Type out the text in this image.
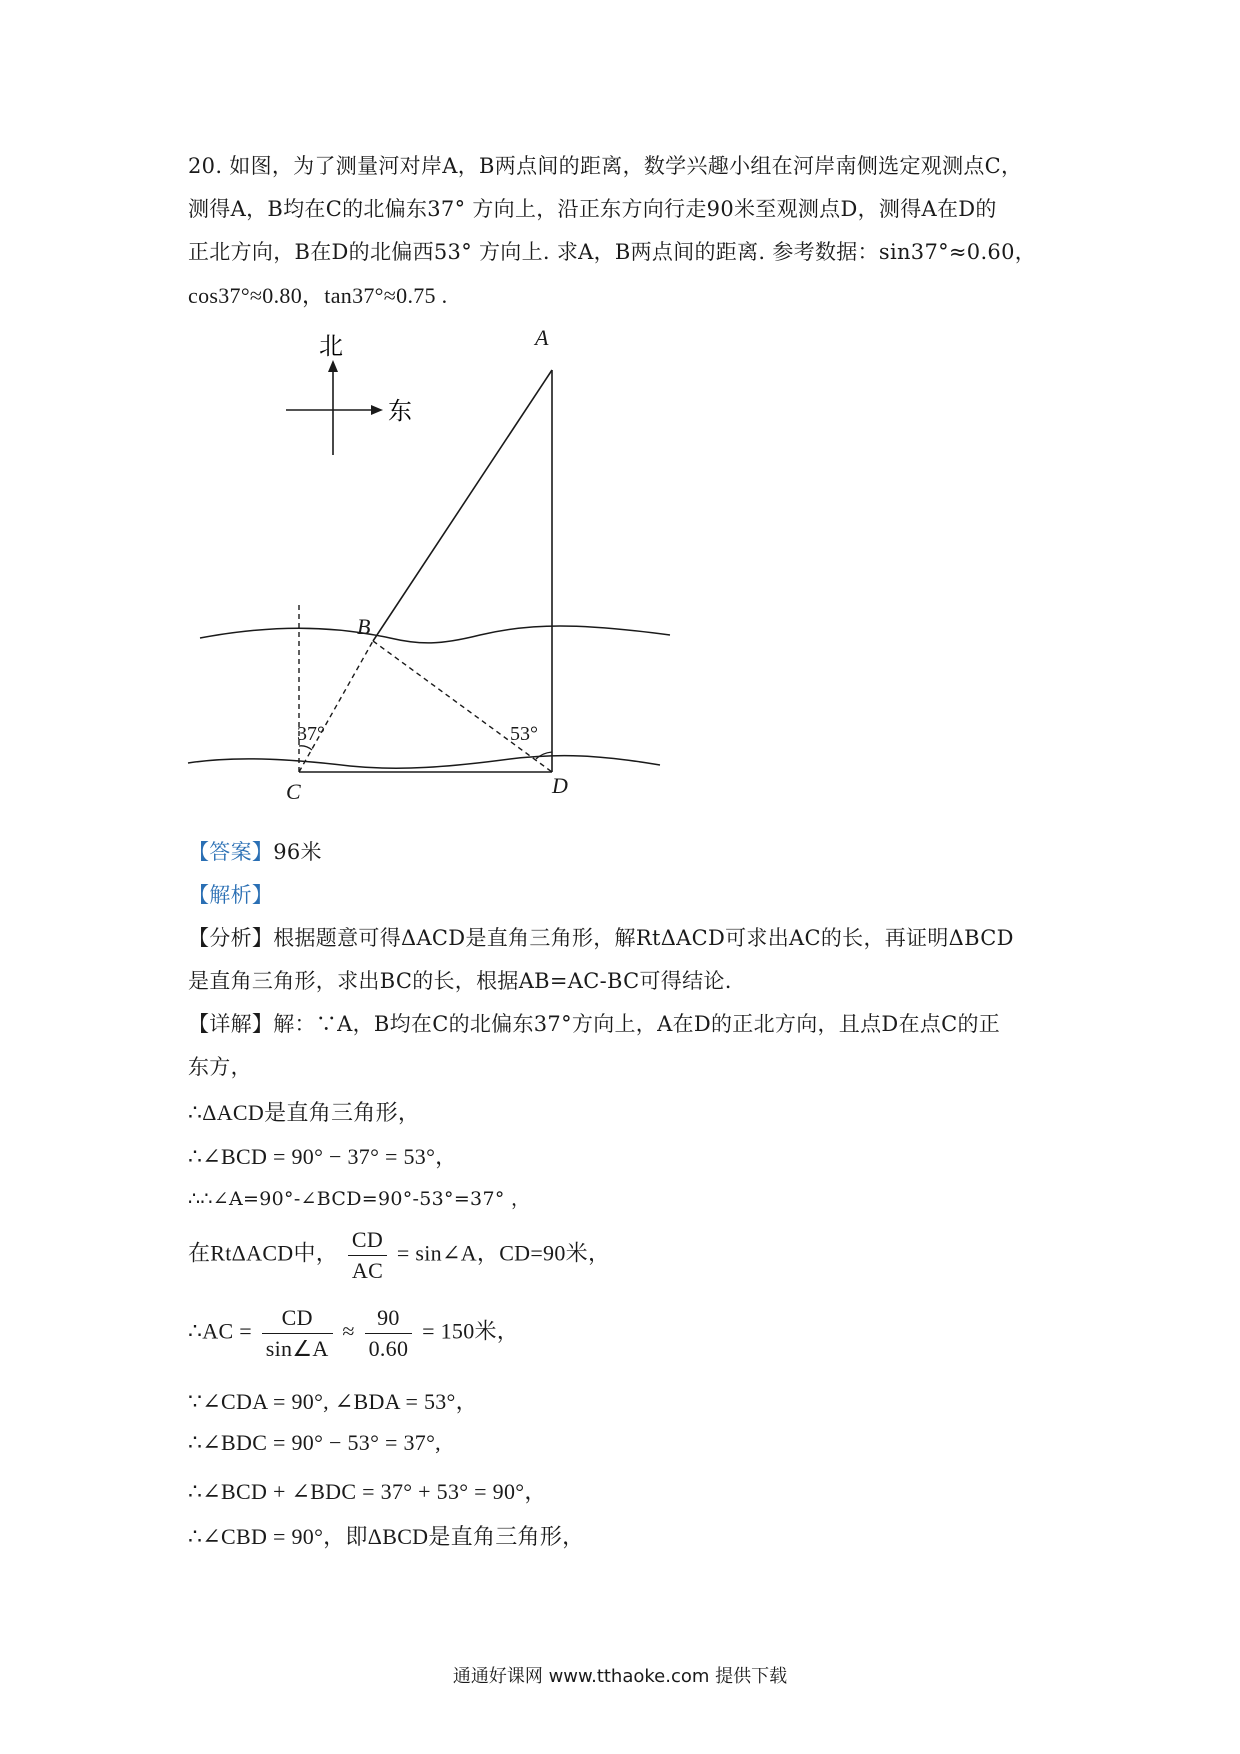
20. 如图，为了测量河对岸A，B两点间的距离，数学兴趣小组在河岸南侧选定观测点C，
测得A，B均在C的北偏东37° 方向上，沿正东方向行走90米至观测点D，测得A在D的
正北方向，B在D的北偏西53° 方向上. 求A，B两点间的距离. 参考数据：sin37°≈0.60，
cos37°≈0.80，tan37°≈0.75 .
北
东
A
B
C	D
37°	53°
【答案】96米
【解析】
【分析】根据题意可得ΔACD是直角三角形，解RtΔACD可求出AC的长，再证明ΔBCD
是直角三角形，求出BC的长，根据AB=AC-BC可得结论.
【详解】解：∵A，B均在C的北偏东37°方向上，A在D的正北方向，且点D在点C的正
东方，
∴ΔACD是直角三角形，
∴∠BCD = 90° − 37° = 53°，
∴∴∠A=90°-∠BCD=90°-53°=37° ，
在RtΔACD中， $\frac{CD}{AC}$ = sin∠A，CD=90米，
∴AC = $\frac{CD}{\sin\angle A} \approx \frac{90}{0.60} = 150$米，
∵∠CDA = 90°, ∠BDA = 53°，
∴∠BDC = 90° − 53° = 37°,
∴∠BCD + ∠BDC = 37° + 53° = 90°，
∴∠CBD = 90°，即ΔBCD是直角三角形，
通通好课网 www.tthaoke.com 提供下载
